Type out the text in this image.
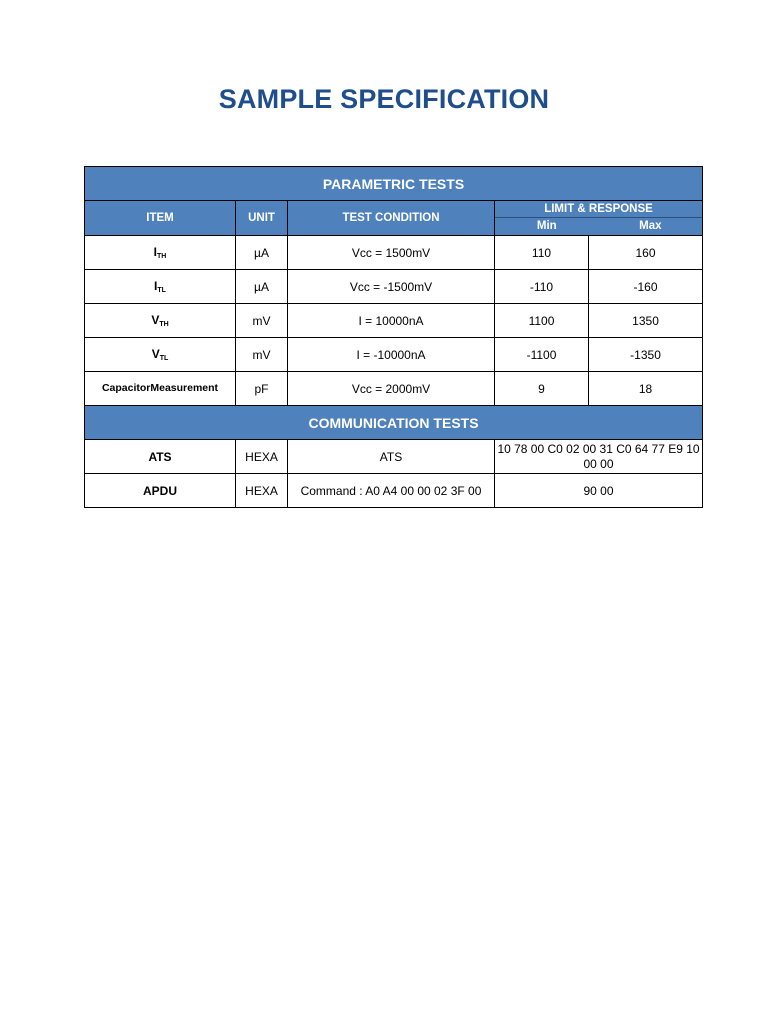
SAMPLE SPECIFICATION
PARAMETRIC TESTS				
ITEM	UNIT	TEST CONDITION	LIMIT & RESPONSE
Min Max	

$I_{TH}$	µA	Vcc = 1500mV	110	160
$I_{TL}$	µA	Vcc = -1500mV	-110	-160
$V_{TH}$	mV	I = 10000nA	1100	1350
$V_{TL}$	mV	I = -10000nA	-1100	-1350
CapacitorMeasurement	pF	Vcc = 2000mV	9	18
COMMUNICATION TESTS				
ATS	HEXA	ATS	10 78 00 C0 02 00 31 C0 64 77 E9 10 00 00	
APDU	HEXA	Command : A0 A4 00 00 02 3F 00	90 00	
